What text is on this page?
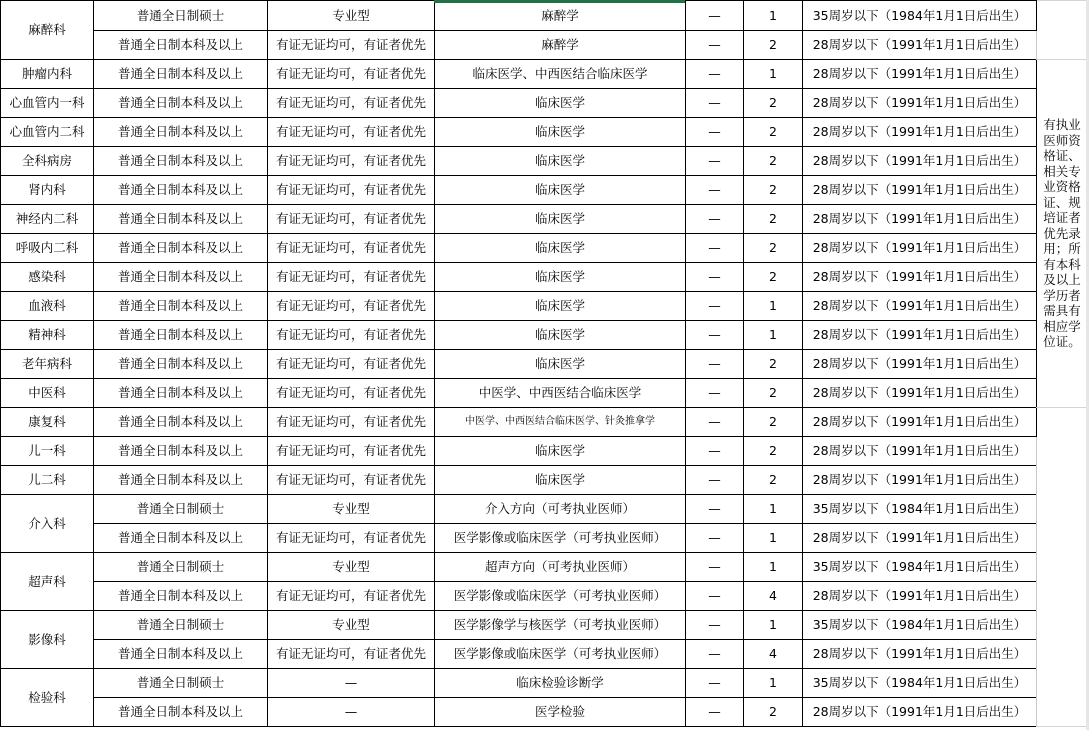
麻醉科	普通全日制硕士	专业型	麻醉学	—	1	35周岁以下（1984年1月1日后出生）	
	普通全日制本科及以上	有证无证均可，有证者优先	麻醉学	—	2	28周岁以下（1991年1月1日后出生）	
肿瘤内科	普通全日制本科及以上	有证无证均可，有证者优先	临床医学、中西医结合临床医学	—	1	28周岁以下（1991年1月1日后出生）	有执业医师资格证、相关专业资格证、规培证者优先录用；所有本科及以上学历者需具有相应学位证。
心血管内一科	普通全日制本科及以上	有证无证均可，有证者优先	临床医学	—	2	28周岁以下（1991年1月1日后出生）	
心血管内二科	普通全日制本科及以上	有证无证均可，有证者优先	临床医学	—	2	28周岁以下（1991年1月1日后出生）	
全科病房	普通全日制本科及以上	有证无证均可，有证者优先	临床医学	—	2	28周岁以下（1991年1月1日后出生）	
肾内科	普通全日制本科及以上	有证无证均可，有证者优先	临床医学	—	2	28周岁以下（1991年1月1日后出生）	
神经内二科	普通全日制本科及以上	有证无证均可，有证者优先	临床医学	—	2	28周岁以下（1991年1月1日后出生）	
呼吸内二科	普通全日制本科及以上	有证无证均可，有证者优先	临床医学	—	2	28周岁以下（1991年1月1日后出生）	
感染科	普通全日制本科及以上	有证无证均可，有证者优先	临床医学	—	2	28周岁以下（1991年1月1日后出生）	
血液科	普通全日制本科及以上	有证无证均可，有证者优先	临床医学	—	1	28周岁以下（1991年1月1日后出生）	
精神科	普通全日制本科及以上	有证无证均可，有证者优先	临床医学	—	1	28周岁以下（1991年1月1日后出生）	
老年病科	普通全日制本科及以上	有证无证均可，有证者优先	临床医学	—	2	28周岁以下（1991年1月1日后出生）	
中医科	普通全日制本科及以上	有证无证均可，有证者优先	中医学、中西医结合临床医学	—	2	28周岁以下（1991年1月1日后出生）	
康复科	普通全日制本科及以上	有证无证均可，有证者优先	中医学、中西医结合临床医学、针灸推拿学	—	2	28周岁以下（1991年1月1日后出生）	
儿一科	普通全日制本科及以上	有证无证均可，有证者优先	临床医学	—	2	28周岁以下（1991年1月1日后出生）	
儿二科	普通全日制本科及以上	有证无证均可，有证者优先	临床医学	—	2	28周岁以下（1991年1月1日后出生）	
介入科	普通全日制硕士	专业型	介入方向（可考执业医师）	—	1	35周岁以下（1984年1月1日后出生）	
	普通全日制本科及以上	有证无证均可，有证者优先	医学影像或临床医学（可考执业医师）	—	1	28周岁以下（1991年1月1日后出生）	
超声科	普通全日制硕士	专业型	超声方向（可考执业医师）	—	1	35周岁以下（1984年1月1日后出生）	
	普通全日制本科及以上	有证无证均可，有证者优先	医学影像或临床医学（可考执业医师）	—	4	28周岁以下（1991年1月1日后出生）	
影像科	普通全日制硕士	专业型	医学影像学与核医学（可考执业医师）	—	1	35周岁以下（1984年1月1日后出生）	
	普通全日制本科及以上	有证无证均可，有证者优先	医学影像或临床医学（可考执业医师）	—	4	28周岁以下（1991年1月1日后出生）	
检验科	普通全日制硕士	—	临床检验诊断学	—	1	35周岁以下（1984年1月1日后出生）	
	普通全日制本科及以上	—	医学检验	—	2	28周岁以下（1991年1月1日后出生）	
